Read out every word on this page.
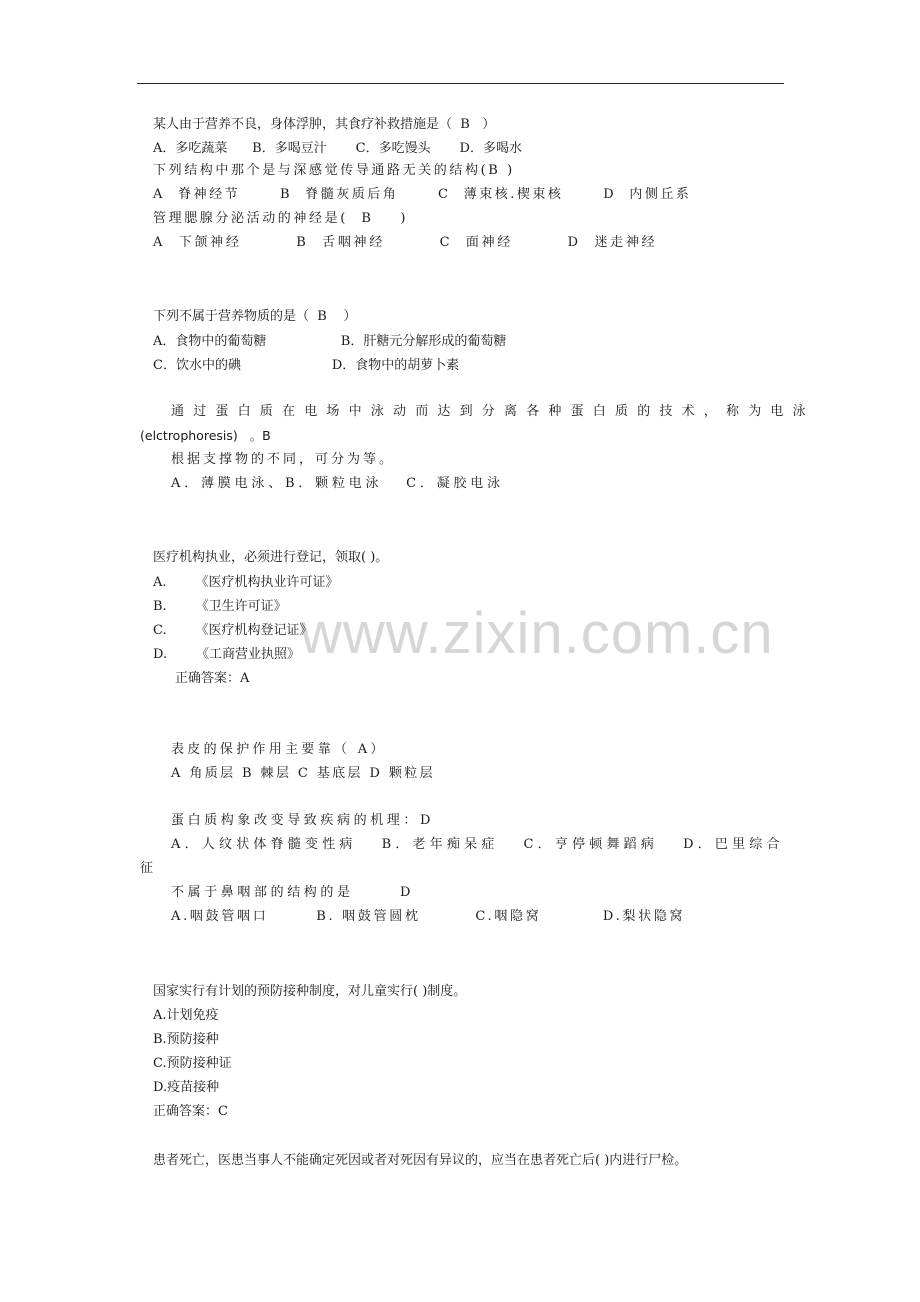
www.zixin.com.cn
某人由于营养不良，身体浮肿，其食疗补救措施是（  B   ）
A．多吃蔬菜      B．多喝豆汁       C．多吃馒头       D．多喝水
下列结构中那个是与深感觉传导通路无关的结构(B )
A  脊神经节      B  脊髓灰质后角      C  薄束核.楔束核      D  内侧丘系
管理腮腺分泌活动的神经是(  B    )
A  下颌神经        B  舌咽神经        C  面神经        D  迷走神经
下列不属于营养物质的是（  B    ）
A．食物中的葡萄糖                  B．肝糖元分解形成的葡萄糖
C．饮水中的碘                      D．食物中的胡萝卜素
通过蛋白质在电场中泳动而达到分离各种蛋白质的技术，称为电泳
(elctrophoresis)   。B
根据支撑物的不同，可分为等。
A．薄膜电泳、B．颗粒电泳   C．凝胶电泳
医疗机构执业，必须进行登记，领取( )。
A.       《医疗机构执业许可证》
B.       《卫生许可证》
C.       《医疗机构登记证》
D.       《工商营业执照》
正确答案：A
表皮的保护作用主要靠（ A）
A 角质层 B 棘层 C 基底层 D 颗粒层
蛋白质构象改变导致疾病的机理：D
A．人纹状体脊髓变性病   B．老年痴呆症   C．亨停顿舞蹈病   D．巴里综合
征
不属于鼻咽部的结构的是      D
A.咽鼓管咽口       B. 咽鼓管圆枕        C.咽隐窝         D.梨状隐窝
国家实行有计划的预防接种制度，对儿童实行( )制度。
A.计划免疫
B.预防接种
C.预防接种证
D.疫苗接种
正确答案：C
患者死亡，医患当事人不能确定死因或者对死因有异议的，应当在患者死亡后( )内进行尸检。
